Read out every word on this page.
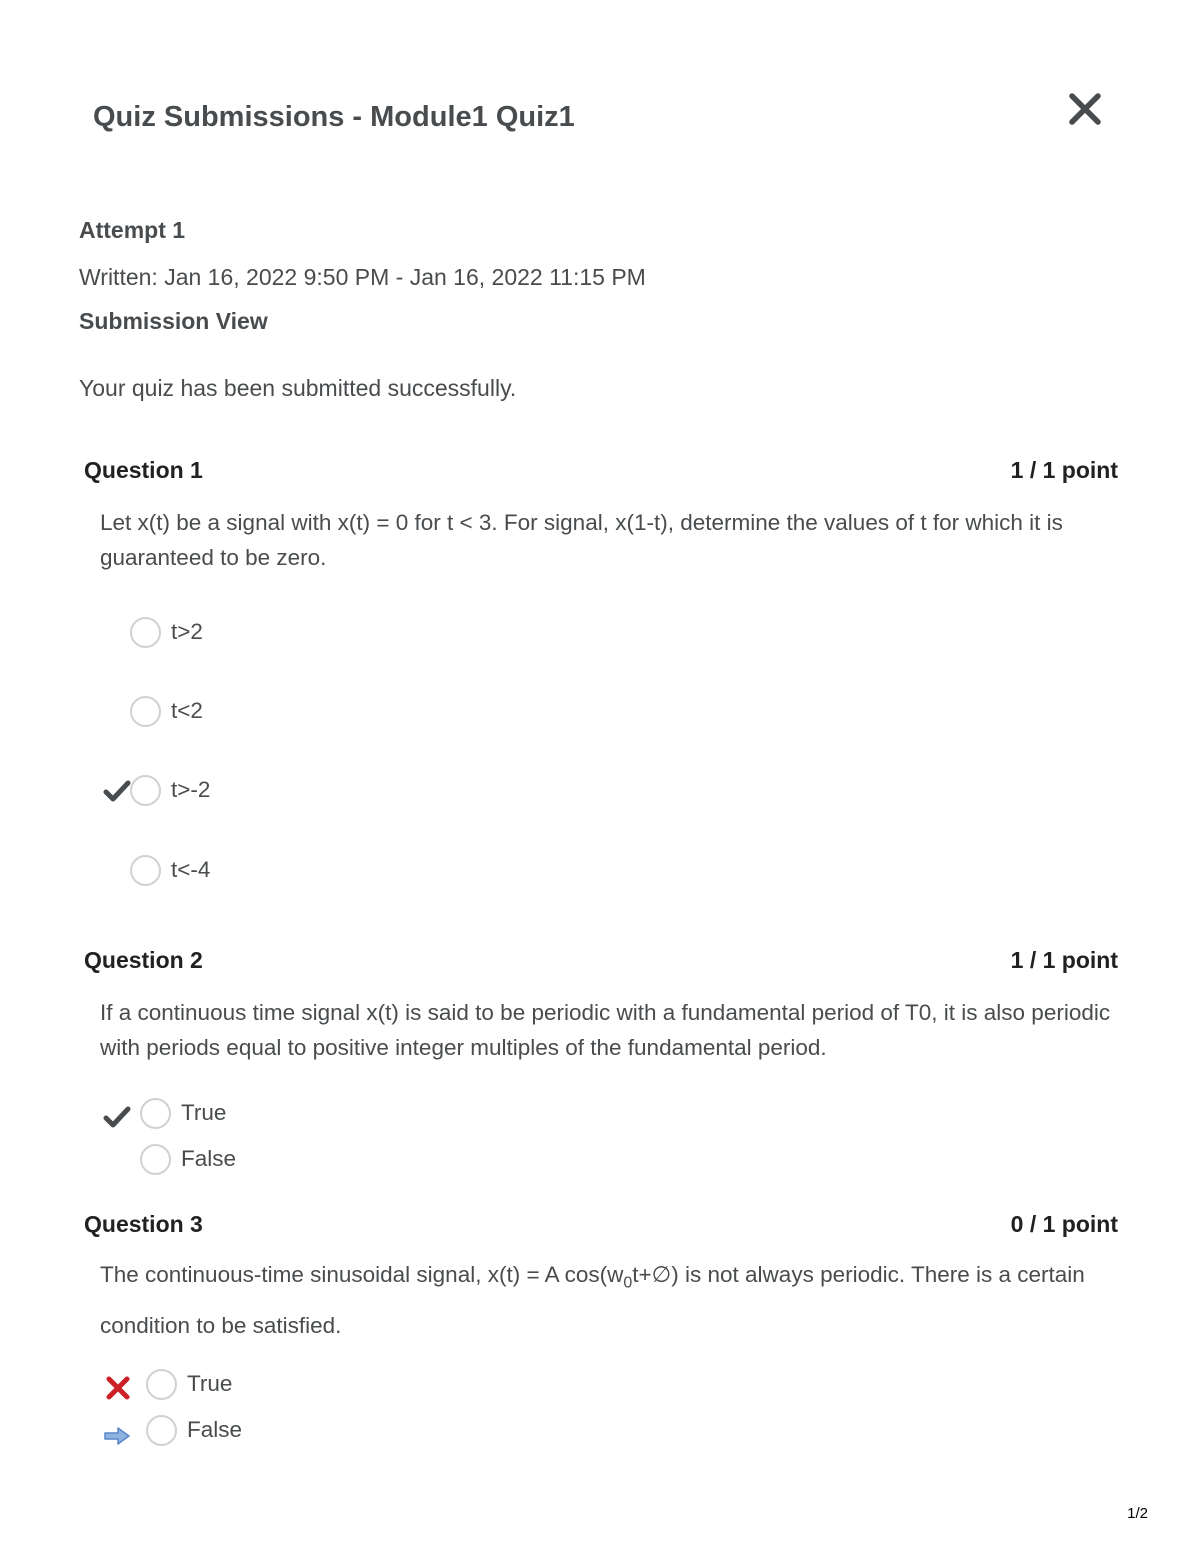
Quiz Submissions - Module1 Quiz1
Attempt 1
Written: Jan 16, 2022 9:50 PM - Jan 16, 2022 11:15 PM
Submission View
Your quiz has been submitted successfully.
Question 1	1 / 1 point
Let x(t) be a signal with x(t) = 0 for t < 3. For signal, x(1-t), determine the values of t for which it is guaranteed to be zero.
t>2
t<2
t>-2
t<-4
Question 2	1 / 1 point
If a continuous time signal x(t) is said to be periodic with a fundamental period of T0, it is also periodic with periods equal to positive integer multiples of the fundamental period.
True
False
Question 3	0 / 1 point
The continuous-time sinusoidal signal, x(t) = A $\cos(w_0t+\emptyset)$ is not always periodic. There is a certain condition to be satisfied.
True
False
1/2
